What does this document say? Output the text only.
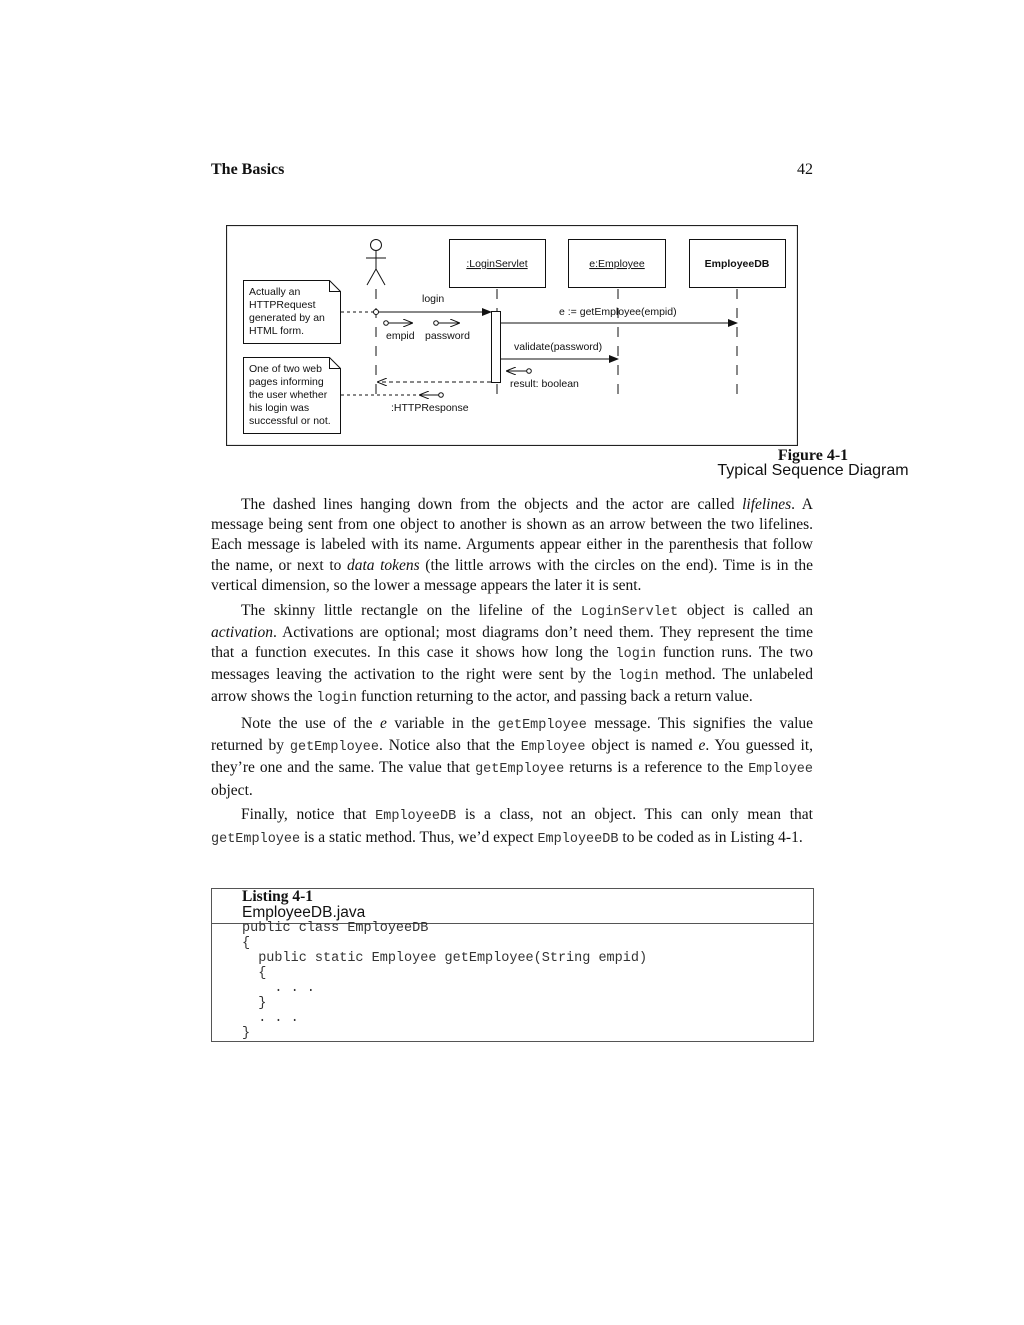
The Basics	42
:LoginServlet	e:Employee	EmployeeDB
Actually an
HTTPRequest
generated by an
HTML form.
One of two web
pages informing
the user whether
his login was
successful or not.
login
empid password
e := getEmployee(empid)
validate(password)
result: boolean
:HTTPResponse
Figure 4-1
Typical Sequence Diagram

The dashed lines hanging down from the objects and the actor are called lifelines. A message being sent from one object to another is shown as an arrow between the two lifelines. Each message is labeled with its name. Arguments appear either in the parenthesis that follow the name, or next to data tokens (the little arrows with the circles on the end). Time is in the vertical dimension, so the lower a message appears the later it is sent.

The skinny little rectangle on the lifeline of the LoginServlet object is called an activation. Activations are optional; most diagrams don’t need them. They represent the time that a function executes. In this case it shows how long the login function runs. The two messages leaving the activation to the right were sent by the login method. The unlabeled arrow shows the login function returning to the actor, and passing back a return value.

Note the use of the e variable in the getEmployee message. This signifies the value returned by getEmployee. Notice also that the Employee object is named e. You guessed it, they’re one and the same. The value that getEmployee returns is a reference to the Employee object.

Finally, notice that EmployeeDB is a class, not an object. This can only mean that getEmployee is a static method. Thus, we’d expect EmployeeDB to be coded as in Listing 4-1.

Listing 4-1
EmployeeDB.java
public class EmployeeDB
{
public static Employee getEmployee(String empid)
{
. . .
}
. . .
}
